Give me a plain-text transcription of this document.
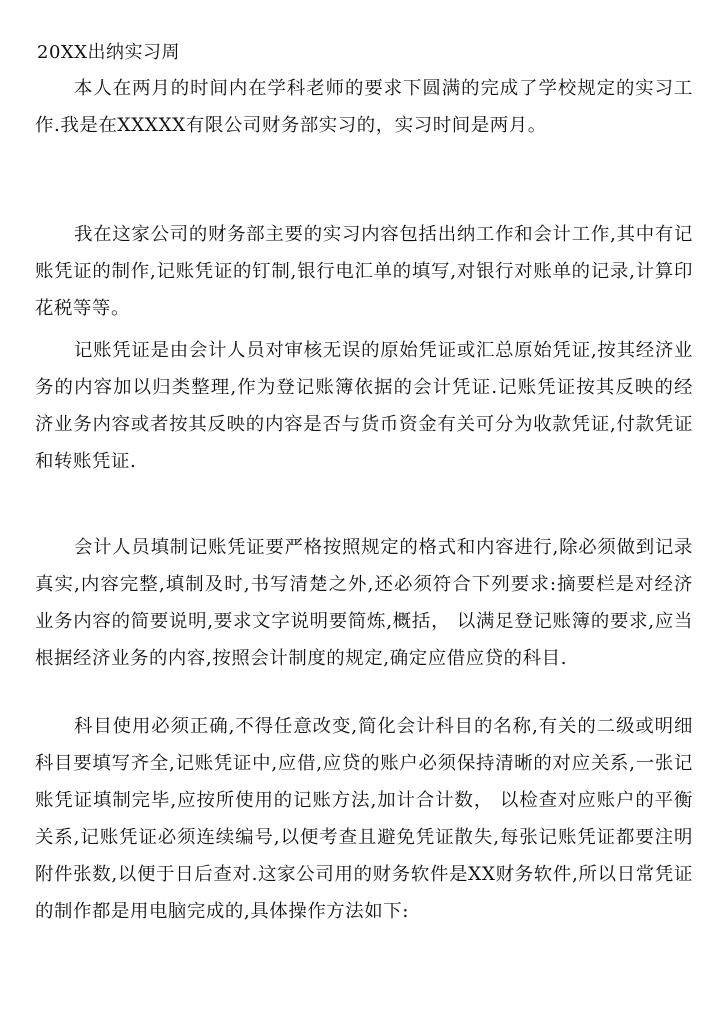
20XX出纳实习周

本人在两月的时间内在学科老师的要求下圆满的完成了学校规定的实习工作.我是在XXXXX有限公司财务部实习的，实习时间是两月。

我在这家公司的财务部主要的实习内容包括出纳工作和会计工作,其中有记账凭证的制作,记账凭证的钉制,银行电汇单的填写,对银行对账单的记录,计算印花税等等。

记账凭证是由会计人员对审核无误的原始凭证或汇总原始凭证,按其经济业务的内容加以归类整理,作为登记账簿依据的会计凭证.记账凭证按其反映的经济业务内容或者按其反映的内容是否与货币资金有关可分为收款凭证,付款凭证和转账凭证.

会计人员填制记账凭证要严格按照规定的格式和内容进行,除必须做到记录真实,内容完整,填制及时,书写清楚之外,还必须符合下列要求:摘要栏是对经济业务内容的简要说明,要求文字说明要简炼,概括， 以满足登记账簿的要求,应当根据经济业务的内容,按照会计制度的规定,确定应借应贷的科目.

科目使用必须正确,不得任意改变,简化会计科目的名称,有关的二级或明细科目要填写齐全,记账凭证中,应借,应贷的账户必须保持清晰的对应关系,一张记账凭证填制完毕,应按所使用的记账方法,加计合计数， 以检查对应账户的平衡关系,记账凭证必须连续编号,以便考查且避免凭证散失,每张记账凭证都要注明附件张数,以便于日后查对.这家公司用的财务软件是XX财务软件,所以日常凭证的制作都是用电脑完成的,具体操作方法如下:
